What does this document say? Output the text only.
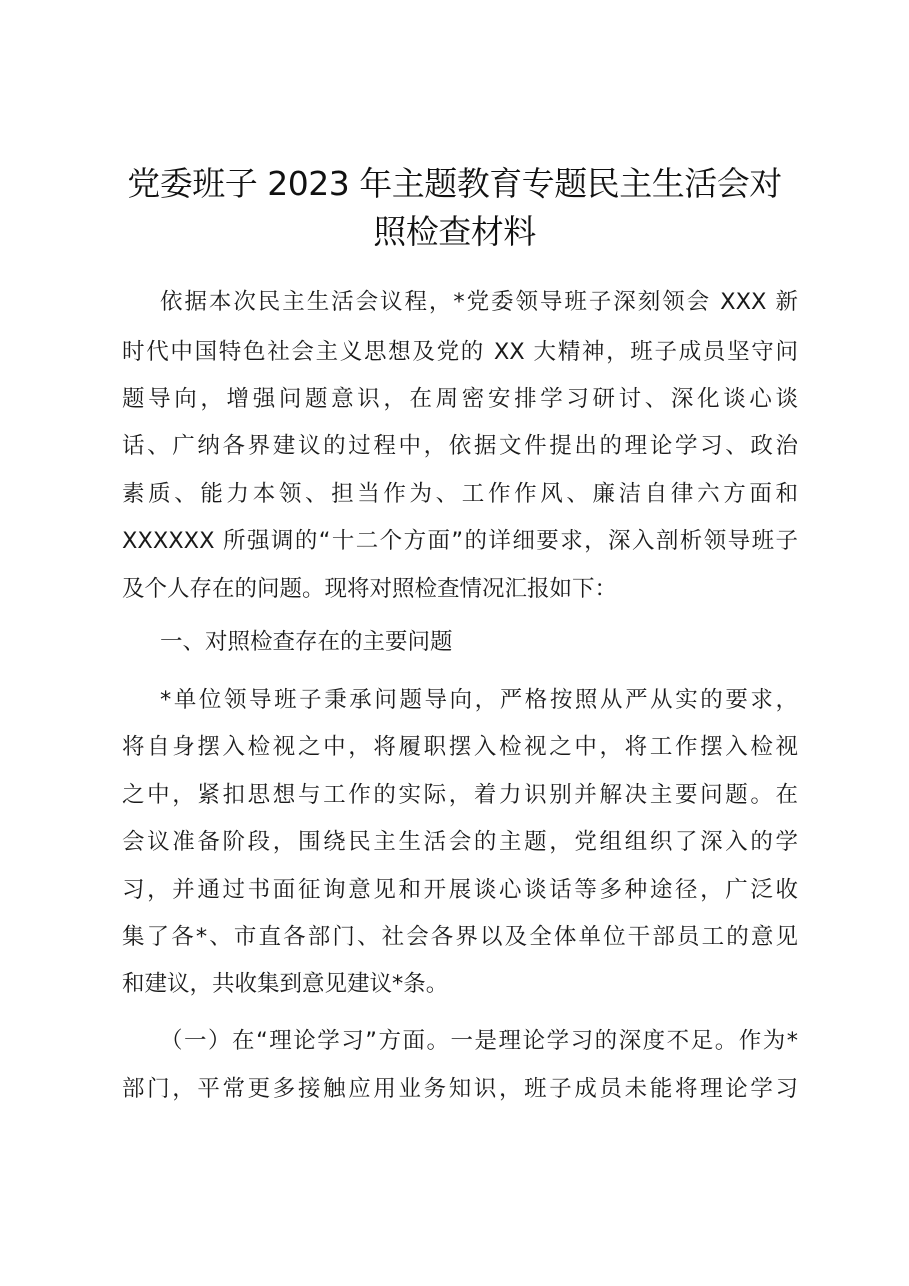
党委班子 2023 年主题教育专题民主生活会对
照检查材料

依据本次民主生活会议程，*党委领导班子深刻领会 XXX 新

时代中国特色社会主义思想及党的 XX 大精神，班子成员坚守问

题导向，增强问题意识，在周密安排学习研讨、深化谈心谈

话、广纳各界建议的过程中，依据文件提出的理论学习、政治

素质、能力本领、担当作为、工作作风、廉洁自律六方面和

XXXXXX 所强调的“十二个方面”的详细要求，深入剖析领导班子

及个人存在的问题。现将对照检查情况汇报如下：

一、对照检查存在的主要问题

*单位领导班子秉承问题导向，严格按照从严从实的要求，

将自身摆入检视之中，将履职摆入检视之中，将工作摆入检视

之中，紧扣思想与工作的实际，着力识别并解决主要问题。在

会议准备阶段，围绕民主生活会的主题，党组组织了深入的学

习，并通过书面征询意见和开展谈心谈话等多种途径，广泛收

集了各*、市直各部门、社会各界以及全体单位干部员工的意见

和建议，共收集到意见建议*条。

（一）在“理论学习”方面。一是理论学习的深度不足。作为*

部门，平常更多接触应用业务知识，班子成员未能将理论学习
